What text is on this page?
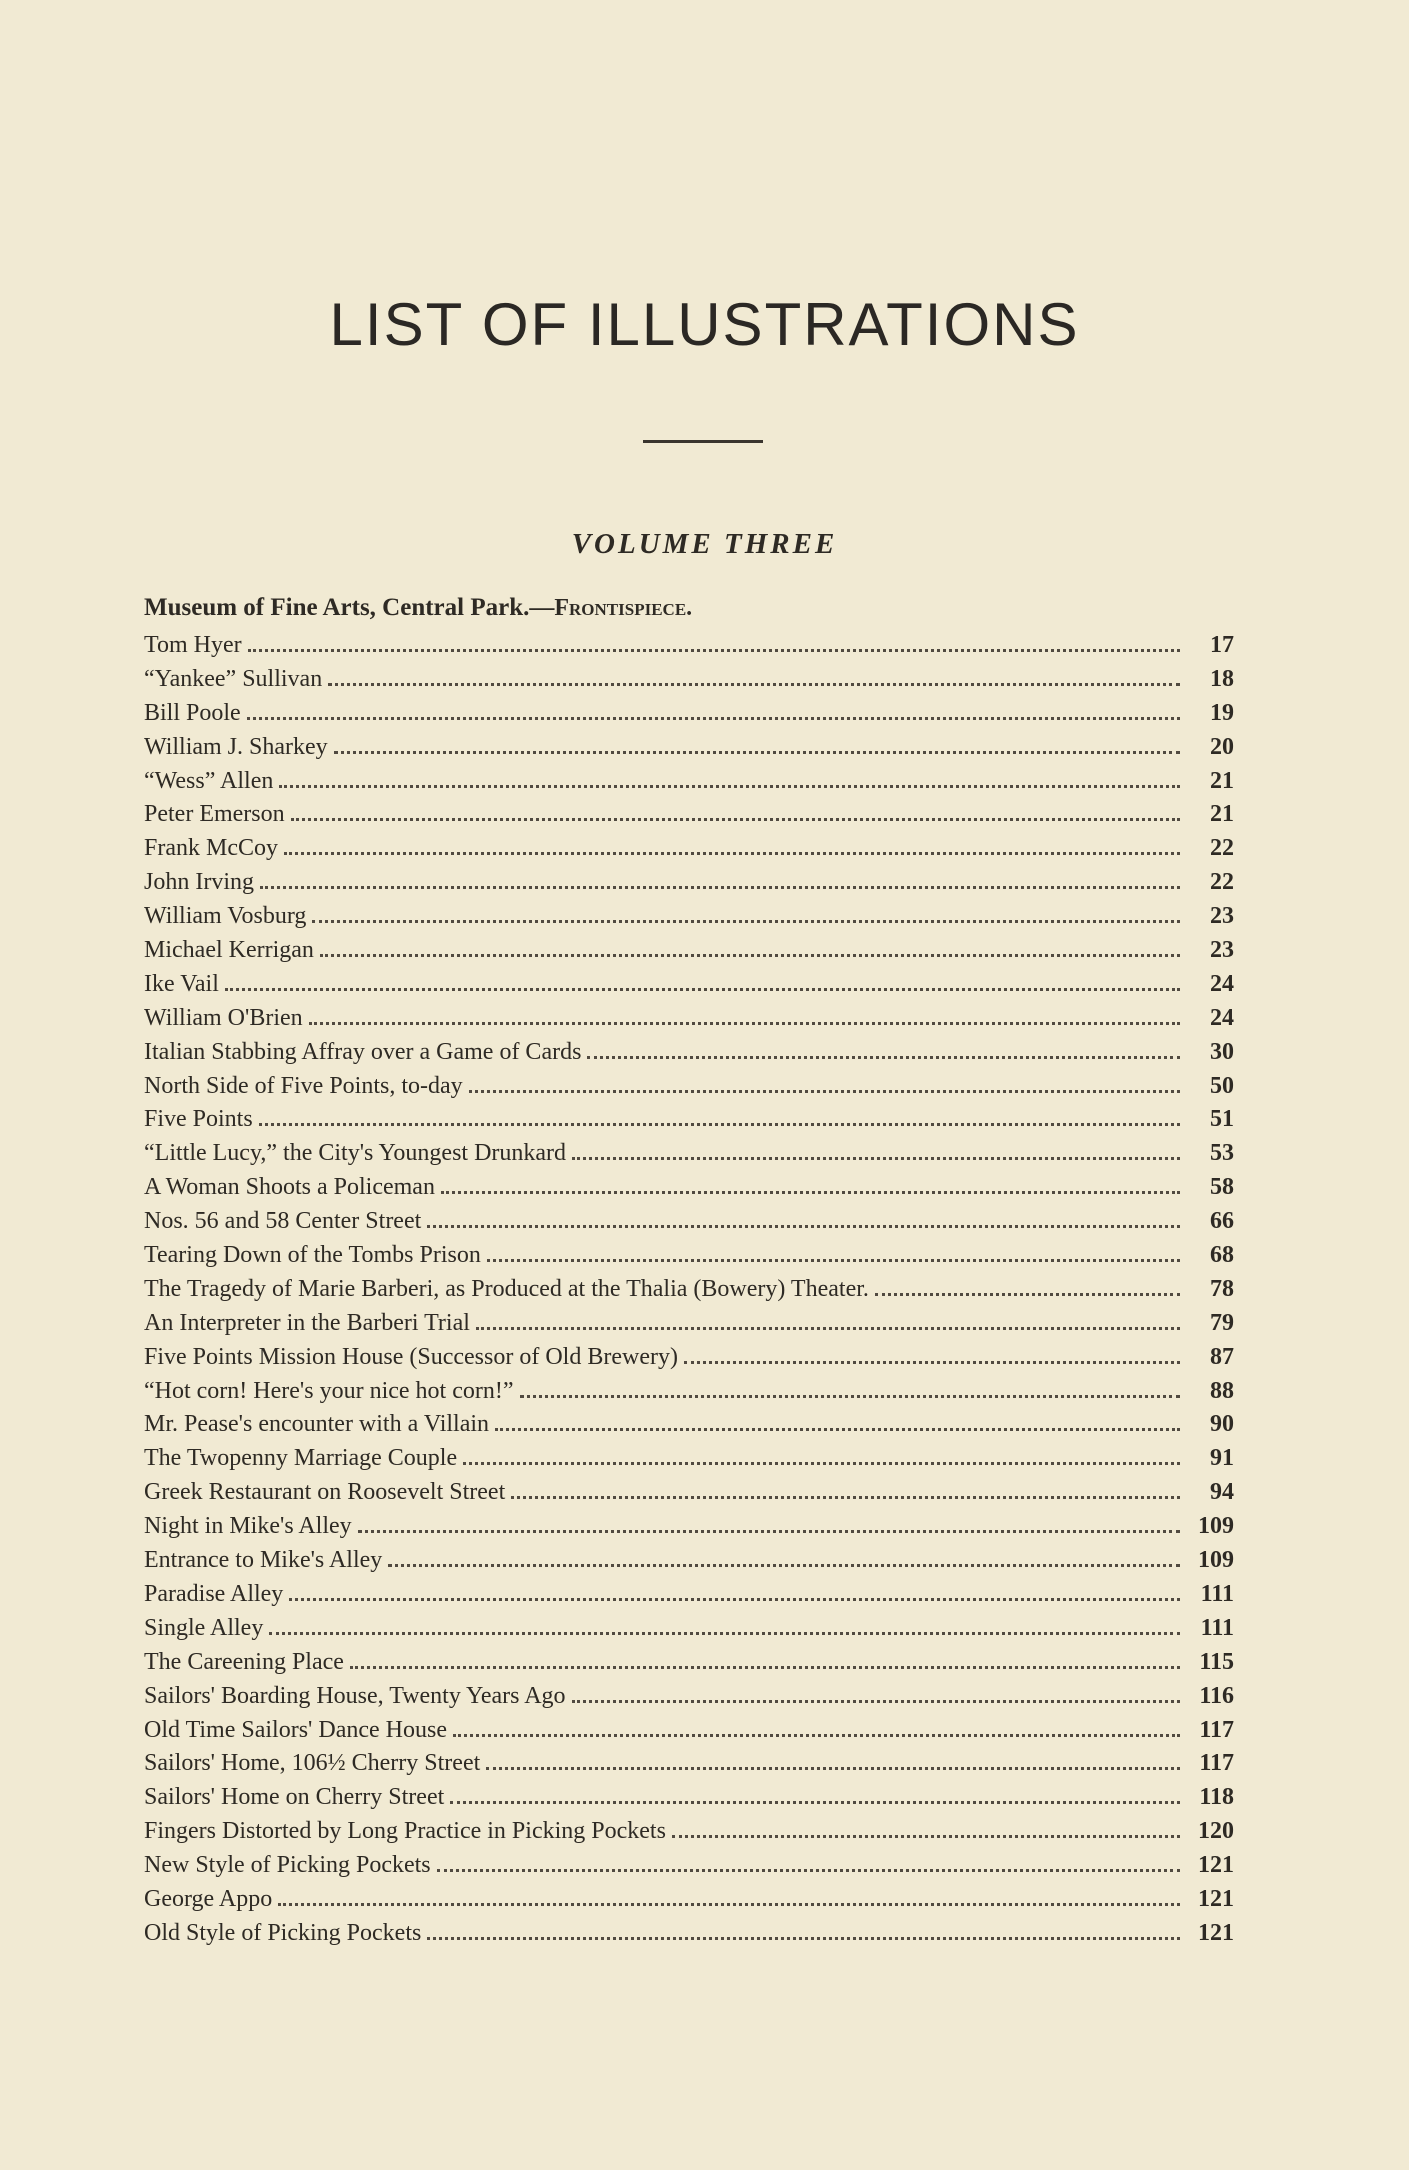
LIST OF ILLUSTRATIONS
VOLUME THREE
Museum of Fine Arts, Central Park.—Frontispiece.
Tom Hyer	17
“Yankee” Sullivan	18
Bill Poole	19
William J. Sharkey	20
“Wess” Allen	21
Peter Emerson	21
Frank McCoy	22
John Irving	22
William Vosburg	23
Michael Kerrigan	23
Ike Vail	24
William O'Brien	24
Italian Stabbing Affray over a Game of Cards	30
North Side of Five Points, to-day	50
Five Points	51
“Little Lucy,” the City's Youngest Drunkard	53
A Woman Shoots a Policeman	58
Nos. 56 and 58 Center Street	66
Tearing Down of the Tombs Prison	68
The Tragedy of Marie Barberi, as Produced at the Thalia (Bowery) Theater.	78
An Interpreter in the Barberi Trial	79
Five Points Mission House (Successor of Old Brewery)	87
“Hot corn! Here's your nice hot corn!”	88
Mr. Pease's encounter with a Villain	90
The Twopenny Marriage Couple	91
Greek Restaurant on Roosevelt Street	94
Night in Mike's Alley	109
Entrance to Mike's Alley	109
Paradise Alley	111
Single Alley	111
The Careening Place	115
Sailors' Boarding House, Twenty Years Ago	116
Old Time Sailors' Dance House	117
Sailors' Home, 106½ Cherry Street	117
Sailors' Home on Cherry Street	118
Fingers Distorted by Long Practice in Picking Pockets	120
New Style of Picking Pockets	121
George Appo	121
Old Style of Picking Pockets	121
